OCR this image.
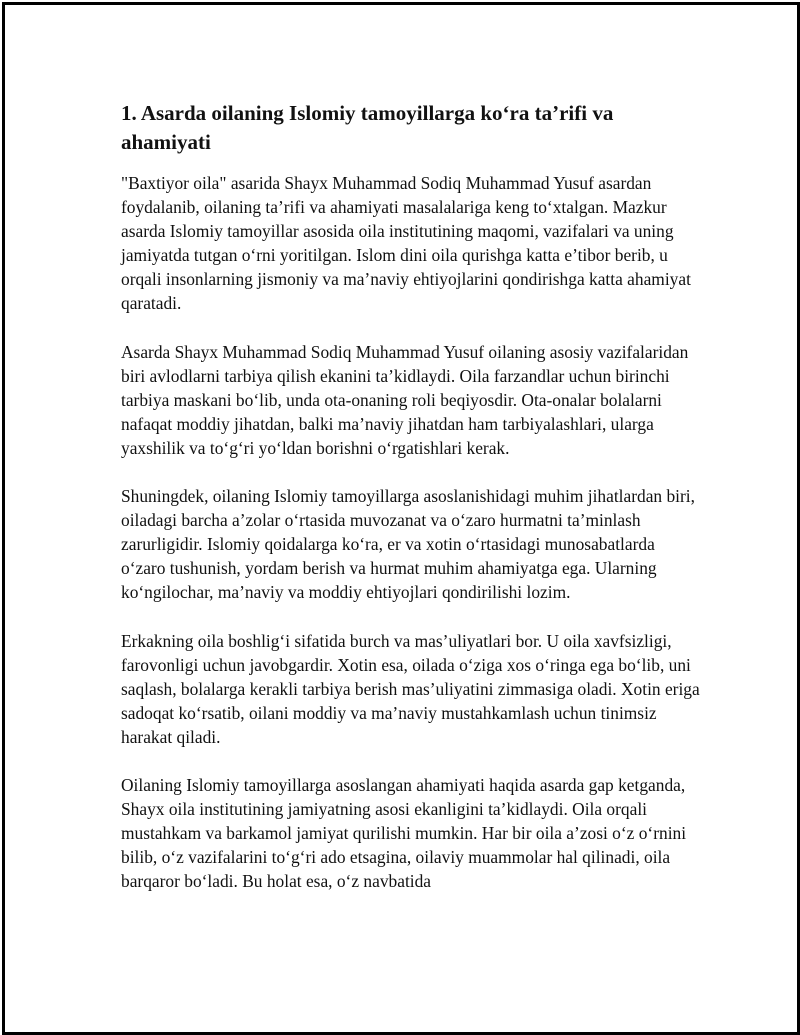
1. Asarda oilaning Islomiy tamoyillarga ko‘ra ta’rifi va ahamiyati

"Baxtiyor oila" asarida Shayx Muhammad Sodiq Muhammad Yusuf asardan foydalanib, oilaning ta’rifi va ahamiyati masalalariga keng to‘xtalgan. Mazkur asarda Islomiy tamoyillar asosida oila institutining maqomi, vazifalari va uning jamiyatda tutgan o‘rni yoritilgan. Islom dini oila qurishga katta e’tibor berib, u orqali insonlarning jismoniy va ma’naviy ehtiyojlarini qondirishga katta ahamiyat qaratadi.

Asarda Shayx Muhammad Sodiq Muhammad Yusuf oilaning asosiy vazifalaridan biri avlodlarni tarbiya qilish ekanini ta’kidlaydi. Oila farzandlar uchun birinchi tarbiya maskani bo‘lib, unda ota-onaning roli beqiyosdir. Ota-onalar bolalarni nafaqat moddiy jihatdan, balki ma’naviy jihatdan ham tarbiyalashlari, ularga yaxshilik va to‘g‘ri yo‘ldan borishni o‘rgatishlari kerak.

Shuningdek, oilaning Islomiy tamoyillarga asoslanishidagi muhim jihatlardan biri, oiladagi barcha a’zolar o‘rtasida muvozanat va o‘zaro hurmatni ta’minlash zarurligidir. Islomiy qoidalarga ko‘ra, er va xotin o‘rtasidagi munosabatlarda o‘zaro tushunish, yordam berish va hurmat muhim ahamiyatga ega. Ularning ko‘ngilochar, ma’naviy va moddiy ehtiyojlari qondirilishi lozim.

Erkakning oila boshlig‘i sifatida burch va mas’uliyatlari bor. U oila xavfsizligi, farovonligi uchun javobgardir. Xotin esa, oilada o‘ziga xos o‘ringa ega bo‘lib, uni saqlash, bolalarga kerakli tarbiya berish mas’uliyatini zimmasiga oladi. Xotin eriga sadoqat ko‘rsatib, oilani moddiy va ma’naviy mustahkamlash uchun tinimsiz harakat qiladi.

Oilaning Islomiy tamoyillarga asoslangan ahamiyati haqida asarda gap ketganda, Shayx oila institutining jamiyatning asosi ekanligini ta’kidlaydi. Oila orqali mustahkam va barkamol jamiyat qurilishi mumkin. Har bir oila a’zosi o‘z o‘rnini bilib, o‘z vazifalarini to‘g‘ri ado etsagina, oilaviy muammolar hal qilinadi, oila barqaror bo‘ladi. Bu holat esa, o‘z navbatida
